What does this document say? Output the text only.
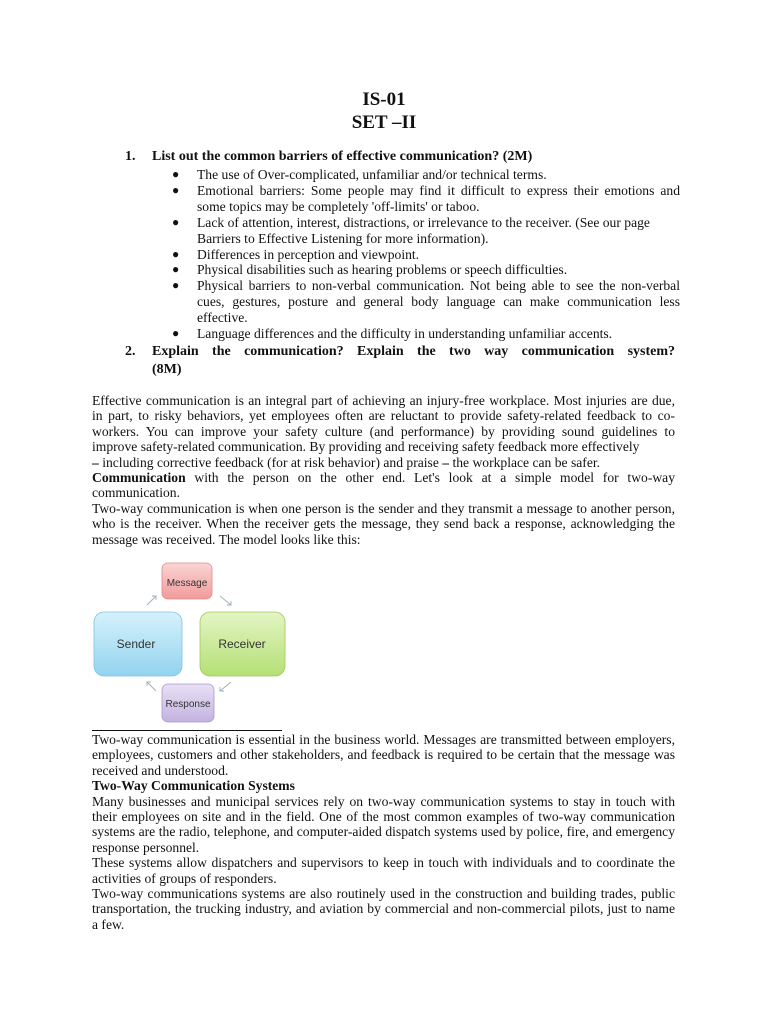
IS-01
SET –II
1. List out the common barriers of effective communication? (2M)
● The use of Over-complicated, unfamiliar and/or technical terms.
● Emotional barriers: Some people may find it difficult to express their emotions and some topics may be completely 'off-limits' or taboo.
● Lack of attention, interest, distractions, or irrelevance to the receiver. (See our page Barriers to Effective Listening for more information).
● Differences in perception and viewpoint.
● Physical disabilities such as hearing problems or speech difficulties.
● Physical barriers to non-verbal communication. Not being able to see the non-verbal cues, gestures, posture and general body language can make communication less effective.
● Language differences and the difficulty in understanding unfamiliar accents.
2.	Explain the communication? Explain the two way communication system?
(8M)

Effective communication is an integral part of achieving an injury-free workplace. Most injuries are due, in part, to risky behaviors, yet employees often are reluctant to provide safety-related feedback to co-workers. You can improve your safety culture (and performance) by providing sound guidelines to improve safety-related communication. By providing and receiving safety feedback more effectively
– including corrective feedback (for at risk behavior) and praise – the workplace can be safer.

Communication with the person on the other end. Let's look at a simple model for two-way communication.

Two-way communication is when one person is the sender and they transmit a message to another person, who is the receiver. When the receiver gets the message, they send back a response, acknowledging the message was received. The model looks like this:

Message
Sender	Receiver
Response

Two-way communication is essential in the business world. Messages are transmitted between employers, employees, customers and other stakeholders, and feedback is required to be certain that the message was received and understood.

Two-Way Communication Systems

Many businesses and municipal services rely on two-way communication systems to stay in touch with their employees on site and in the field. One of the most common examples of two-way communication systems are the radio, telephone, and computer-aided dispatch systems used by police, fire, and emergency response personnel.

These systems allow dispatchers and supervisors to keep in touch with individuals and to coordinate the activities of groups of responders.

Two-way communications systems are also routinely used in the construction and building trades, public transportation, the trucking industry, and aviation by commercial and non-commercial pilots, just to name a few.
